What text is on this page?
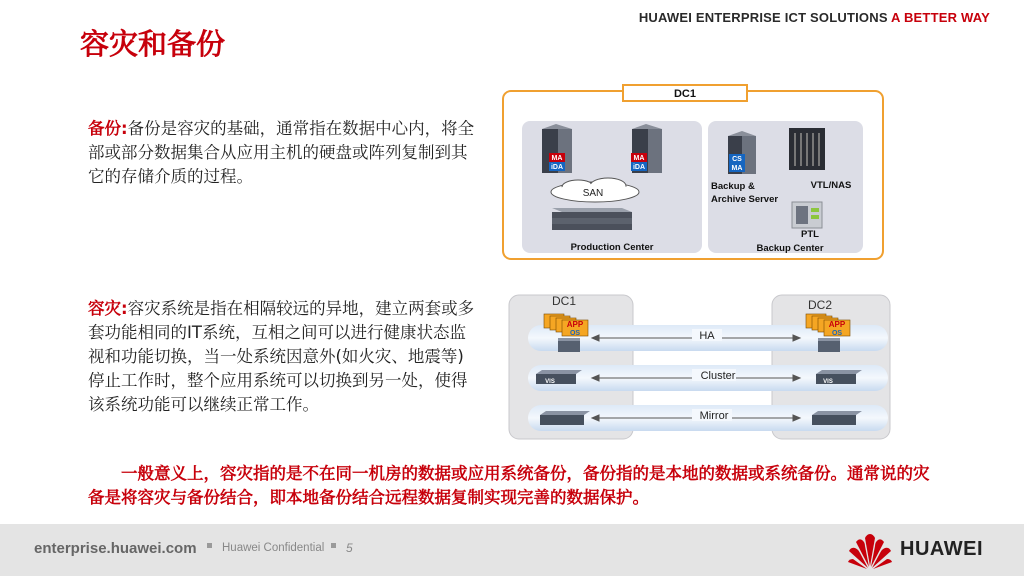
HUAWEI ENTERPRISE ICT SOLUTIONS A BETTER WAY
容灾和备份
备份:备份是容灾的基础，通常指在数据中心内，将全部或部分数据集合从应用主机的硬盘或阵列复制到其它的存储介质的过程。
容灾:容灾系统是指在相隔较远的异地，建立两套或多套功能相同的IT系统，互相之间可以进行健康状态监视和功能切换，当一处系统因意外(如火灾、地震等)停止工作时，整个应用系统可以切换到另一处，使得该系统功能可以继续正常工作。
DC1
MA
iDA
MA
iDA
SAN
Production Center
CS
MA
Backup &
Archive Server
VTL/NAS
PTL
Backup Center
DC1	DC2
HA
Cluster
Mirror
APP
OS
VIS
APP
OS
VIS
一般意义上，容灾指的是不在同一机房的数据或应用系统备份，备份指的是本地的数据或系统备份。通常说的灾备是将容灾与备份结合，即本地备份结合远程数据复制实现完善的数据保护。
enterprise.huawei.com Huawei Confidential 5	HUAWEI
